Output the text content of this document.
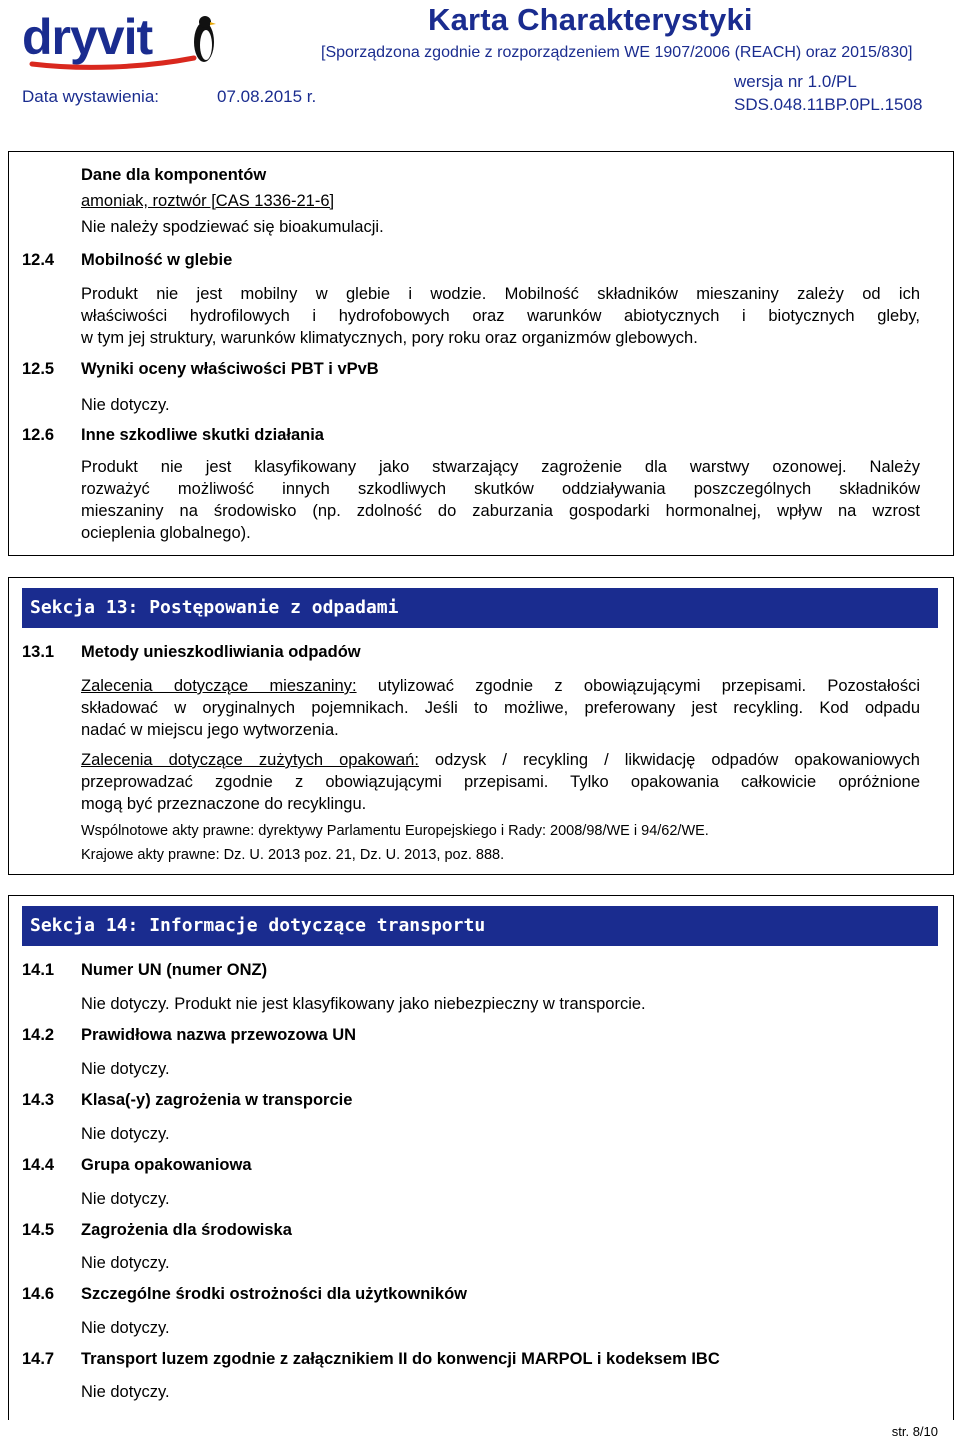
dryvit	Karta Charakterystyki
[Sporządzona zgodnie z rozporządzeniem WE 1907/2006 (REACH) oraz 2015/830]
Data wystawienia:	07.08.2015 r.
wersja nr 1.0/PL
SDS.048.11BP.0PL.1508
Dane dla komponentów
amoniak, roztwór [CAS 1336-21-6]
Nie należy spodziewać się bioakumulacji.
12.4 Mobilność w glebie
Produkt nie jest mobilny w glebie i wodzie. Mobilność składników mieszaniny zależy od ich
właściwości hydrofilowych i hydrofobowych oraz warunków abiotycznych i biotycznych gleby,
w tym jej struktury, warunków klimatycznych, pory roku oraz organizmów glebowych.
12.5 Wyniki oceny właściwości PBT i vPvB
Nie dotyczy.
12.6 Inne szkodliwe skutki działania
Produkt nie jest klasyfikowany jako stwarzający zagrożenie dla warstwy ozonowej. Należy
rozważyć możliwość innych szkodliwych skutków oddziaływania poszczególnych składników
mieszaniny na środowisko (np. zdolność do zaburzania gospodarki hormonalnej, wpływ na wzrost
ocieplenia globalnego).
Sekcja 13: Postępowanie z odpadami
13.1 Metody unieszkodliwiania odpadów
Zalecenia dotyczące mieszaniny: utylizować zgodnie z obowiązującymi przepisami. Pozostałości
składować w oryginalnych pojemnikach. Jeśli to możliwe, preferowany jest recykling. Kod odpadu
nadać w miejscu jego wytworzenia.
Zalecenia dotyczące zużytych opakowań: odzysk / recykling / likwidację odpadów opakowaniowych
przeprowadzać zgodnie z obowiązującymi przepisami. Tylko opakowania całkowicie opróżnione
mogą być przeznaczone do recyklingu.
Wspólnotowe akty prawne: dyrektywy Parlamentu Europejskiego i Rady: 2008/98/WE i 94/62/WE.
Krajowe akty prawne: Dz. U. 2013 poz. 21, Dz. U. 2013, poz. 888.
Sekcja 14: Informacje dotyczące transportu
14.1 Numer UN (numer ONZ)
Nie dotyczy. Produkt nie jest klasyfikowany jako niebezpieczny w transporcie.
14.2 Prawidłowa nazwa przewozowa UN
Nie dotyczy.
14.3 Klasa(-y) zagrożenia w transporcie
Nie dotyczy.
14.4 Grupa opakowaniowa
Nie dotyczy.
14.5 Zagrożenia dla środowiska
Nie dotyczy.
14.6 Szczególne środki ostrożności dla użytkowników
Nie dotyczy.
14.7 Transport luzem zgodnie z załącznikiem II do konwencji MARPOL i kodeksem IBC
Nie dotyczy.
str. 8/10
